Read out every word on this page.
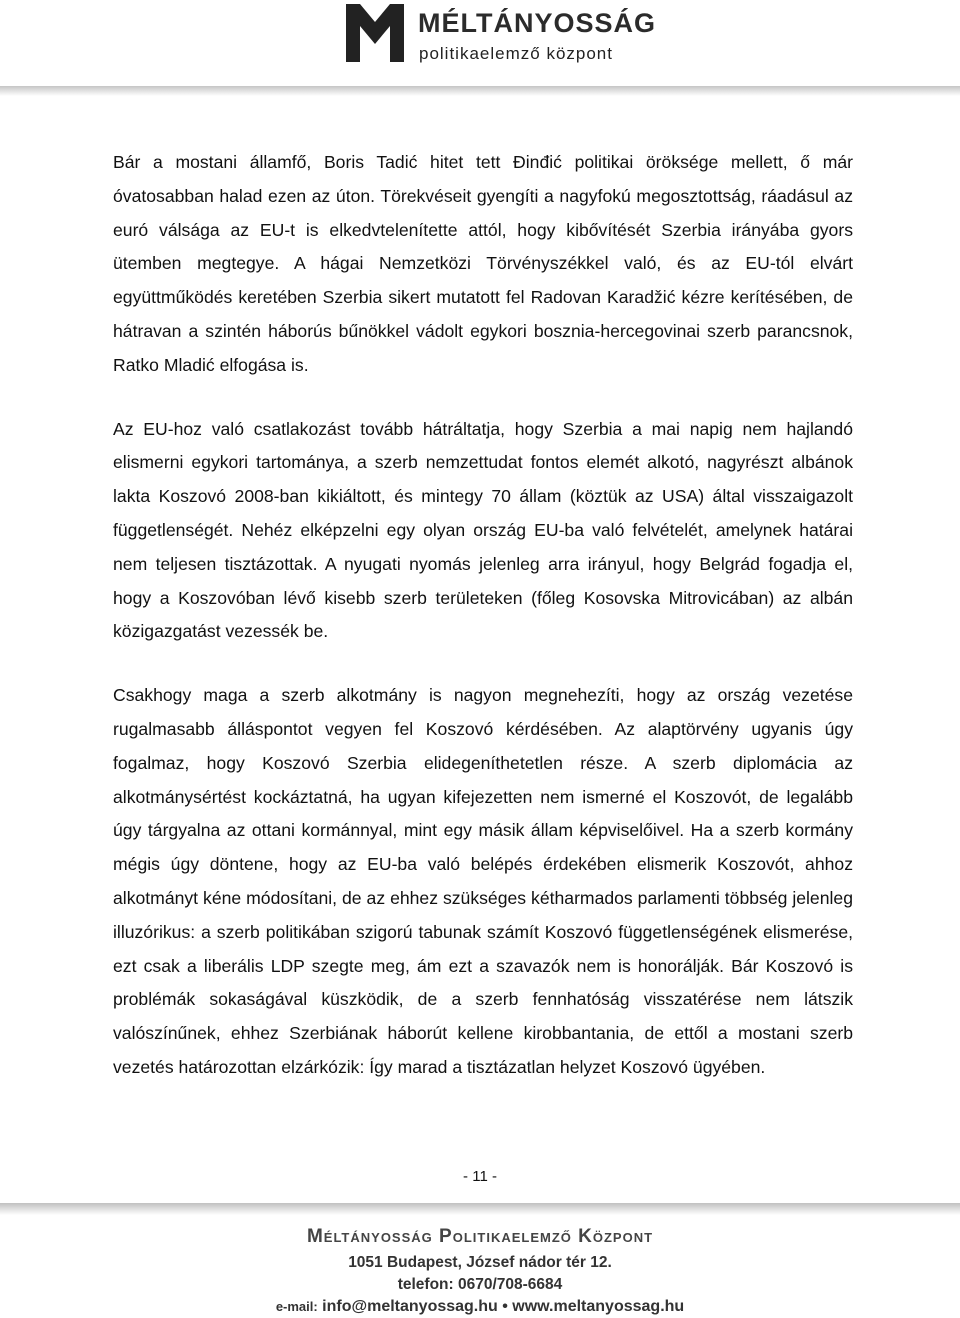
MÉLTÁNYOSSÁG
politikaelemző központ

Bár a mostani államfő, Boris Tadić hitet tett Đinđić politikai öröksége mellett, ő már óvatosabban halad ezen az úton. Törekvéseit gyengíti a nagyfokú megosztottság, ráadásul az euró válsága az EU-t is elkedvtelenítette attól, hogy kibővítését Szerbia irányába gyors ütemben megtegye. A hágai Nemzetközi Törvényszékkel való, és az EU-tól elvárt együttműködés keretében Szerbia sikert mutatott fel Radovan Karadžić kézre kerítésében, de hátravan a szintén háborús bűnökkel vádolt egykori bosznia-hercegovinai szerb parancsnok, Ratko Mladić elfogása is.

Az EU-hoz való csatlakozást tovább hátráltatja, hogy Szerbia a mai napig nem hajlandó elismerni egykori tartománya, a szerb nemzettudat fontos elemét alkotó, nagyrészt albánok lakta Koszovó 2008-ban kikiáltott, és mintegy 70 állam (köztük az USA) által visszaigazolt függetlenségét. Nehéz elképzelni egy olyan ország EU-ba való felvételét, amelynek határai nem teljesen tisztázottak. A nyugati nyomás jelenleg arra irányul, hogy Belgrád fogadja el, hogy a Koszovóban lévő kisebb szerb területeken (főleg Kosovska Mitrovicában) az albán közigazgatást vezessék be.

Csakhogy maga a szerb alkotmány is nagyon megnehezíti, hogy az ország vezetése rugalmasabb álláspontot vegyen fel Koszovó kérdésében. Az alaptörvény ugyanis úgy fogalmaz, hogy Koszovó Szerbia elidegeníthetetlen része. A szerb diplomácia az alkotmánysértést kockáztatná, ha ugyan kifejezetten nem ismerné el Koszovót, de legalább úgy tárgyalna az ottani kormánnyal, mint egy másik állam képviselőivel. Ha a szerb kormány mégis úgy döntene, hogy az EU-ba való belépés érdekében elismerik Koszovót, ahhoz alkotmányt kéne módosítani, de az ehhez szükséges kétharmados parlamenti többség jelenleg illuzórikus: a szerb politikában szigorú tabunak számít Koszovó függetlenségének elismerése, ezt csak a liberális LDP szegte meg, ám ezt a szavazók nem is honorálják. Bár Koszovó is problémák sokaságával küszködik, de a szerb fennhatóság visszatérése nem látszik valószínűnek, ehhez Szerbiának háborút kellene kirobbantania, de ettől a mostani szerb vezetés határozottan elzárkózik: Így marad a tisztázatlan helyzet Koszovó ügyében.

- 11 -
Méltányosság Politikaelemző Központ
1051 Budapest, József nádor tér 12.
telefon: 0670/708-6684
e-mail: info@meltanyossag.hu • www.meltanyossag.hu
